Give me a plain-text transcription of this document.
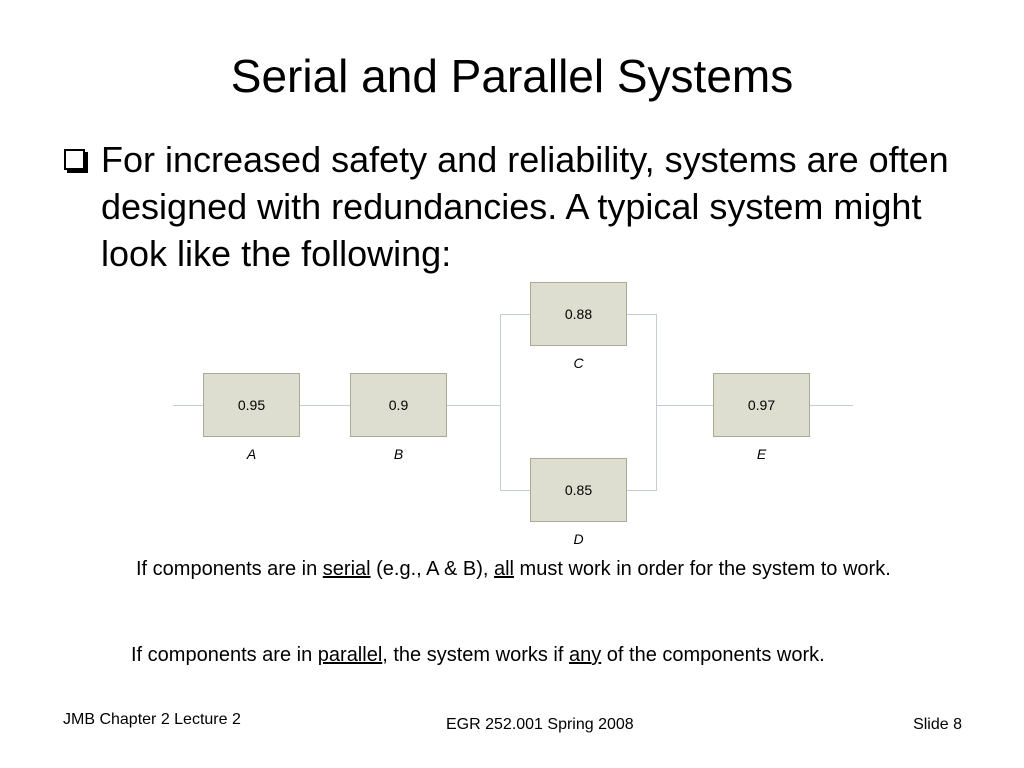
Serial and Parallel Systems
For increased safety and reliability, systems are often designed with redundancies. A typical system might look like the following:
0.95
A
0.9
B
0.88
C
0.85
D
0.97
E
If components are in serial (e.g., A & B), all must work in order for the system to work.
If components are in parallel, the system works if any of the components work.
JMB Chapter 2 Lecture 2	EGR 252.001 Spring 2008	Slide 8
